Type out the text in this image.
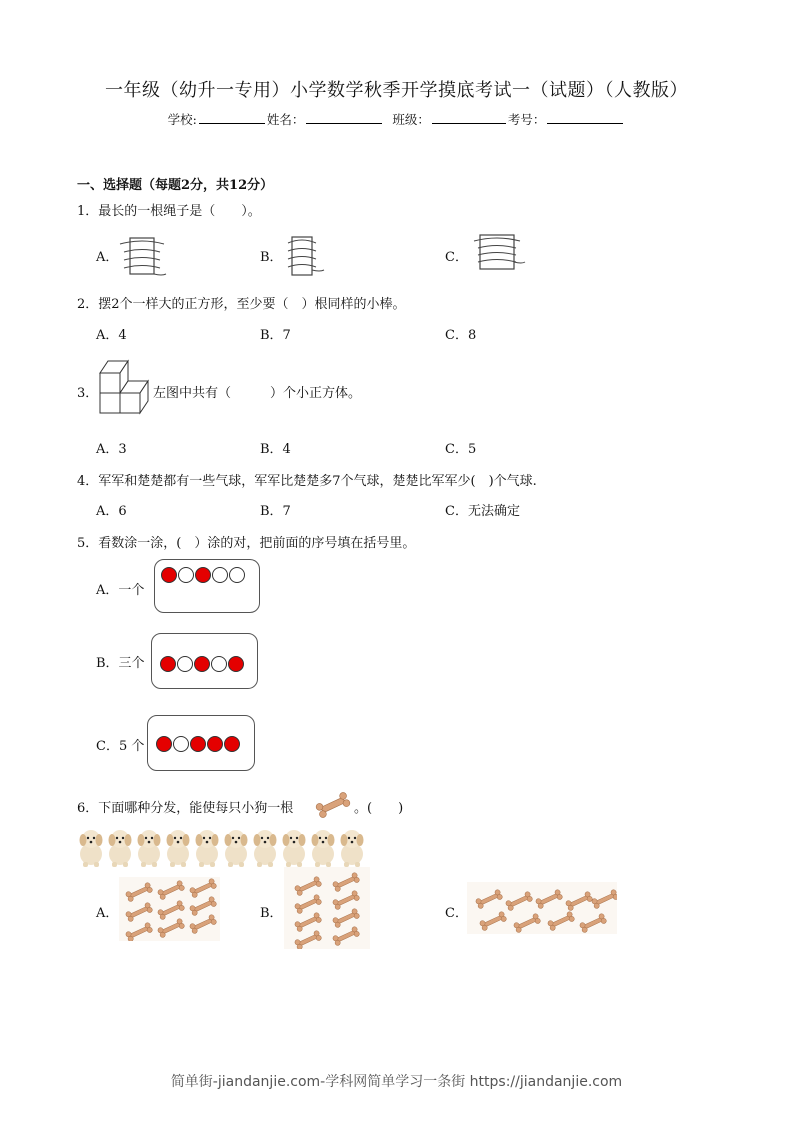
一年级（幼升一专用）小学数学秋季开学摸底考试一（试题）（人教版）
学校:	姓名：	班级：	考号：
一、选择题（每题2分，共12分）
1．最长的一根绳子是（　　）。
A．	B．	C．
2．摆2个一样大的正方形，至少要（　）根同样的小棒。
A．4	B．7	C．8
3．	左图中共有（　　　）个小正方体。
A．3	B．4	C．5
4．军军和楚楚都有一些气球，军军比楚楚多7个气球，楚楚比军军少(　)个气球.
A．6	B．7	C．无法确定
5．看数涂一涂，(　）涂的对，把前面的序号填在括号里。
A．一个
B．三个
C．5 个
6．下面哪种分发，能使每只小狗一根	。(　　)
A．	B．	C．
简单街-jiandanjie.com-学科网简单学习一条街 https://jiandanjie.com
